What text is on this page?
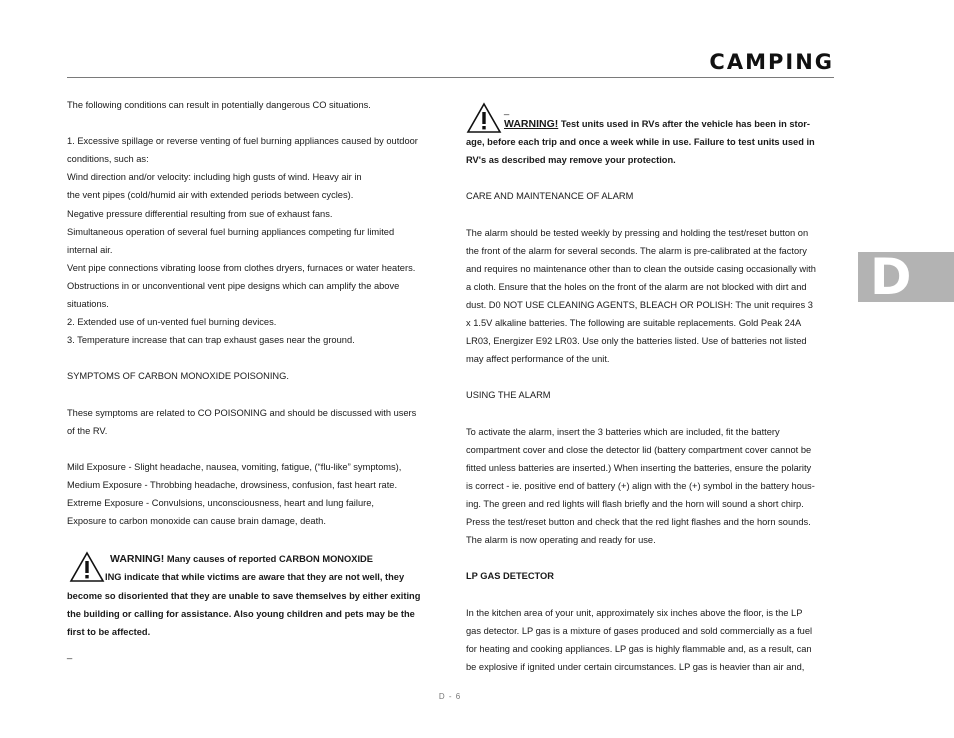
CAMPING

The following conditions can result in potentially dangerous CO situations.

1. Excessive spillage or reverse venting of fuel burning appliances caused by outdoor

conditions, such as:

Wind direction and/or velocity: including high gusts of wind. Heavy air in

the vent pipes (cold/humid air with extended periods between cycles).

Negative pressure differential resulting from sue of exhaust fans.

Simultaneous operation of several fuel burning appliances competing fur limited

internal air.

Vent pipe connections vibrating loose from clothes dryers, furnaces or water heaters.

Obstructions in or unconventional vent pipe designs which can amplify the above

situations.

2. Extended use of un-vented fuel burning devices.

3. Temperature increase that can trap exhaust gases near the ground.

SYMPTOMS OF CARBON MONOXIDE POISONING.

These symptoms are related to CO POISONING and should be discussed with users

of the RV.

Mild Exposure - Slight headache, nausea, vomiting, fatigue, (“flu-like” symptoms),

Medium Exposure - Throbbing headache, drowsiness, confusion, fast heart rate.

Extreme Exposure - Convulsions, unconsciousness, heart and lung failure,

Exposure to carbon monoxide can cause brain damage, death.

WARNING! Many causes of reported CARBON MONOXIDE

ING indicate that while victims are aware that they are not well, they

become so disoriented that they are unable to save themselves by either exiting

the building or calling for assistance. Also young children and pets may be the

first to be affected.

_

_

WARNING! Test units used in RVs after the vehicle has been in stor-

age, before each trip and once a week while in use. Failure to test units used in

RV's as described may remove your protection.

CARE AND MAINTENANCE OF ALARM

The alarm should be tested weekly by pressing and holding the test/reset button on

the front of the alarm for several seconds. The alarm is pre-calibrated at the factory

and requires no maintenance other than to clean the outside casing occasionally with

a cloth. Ensure that the holes on the front of the alarm are not blocked with dirt and

dust. D0 NOT USE CLEANING AGENTS, BLEACH OR POLISH: The unit requires 3

x 1.5V alkaline batteries. The following are suitable replacements. Gold Peak 24A

LR03, Energizer E92 LR03. Use only the batteries listed. Use of batteries not listed

may affect performance of the unit.

USING THE ALARM

To activate the alarm, insert the 3 batteries which are included, fit the battery

compartment cover and close the detector lid (battery compartment cover cannot be

fitted unless batteries are inserted.) When inserting the batteries, ensure the polarity

is correct - ie. positive end of battery (+) align with the (+) symbol in the battery hous-

ing. The green and red lights will flash briefly and the horn will sound a short chirp.

Press the test/reset button and check that the red light flashes and the horn sounds.

The alarm is now operating and ready for use.

LP GAS DETECTOR

In the kitchen area of your unit, approximately six inches above the floor, is the LP

gas detector. LP gas is a mixture of gases produced and sold commercially as a fuel

for heating and cooking appliances. LP gas is highly flammable and, as a result, can

be explosive if ignited under certain circumstances. LP gas is heavier than air and,

D
D - 6
